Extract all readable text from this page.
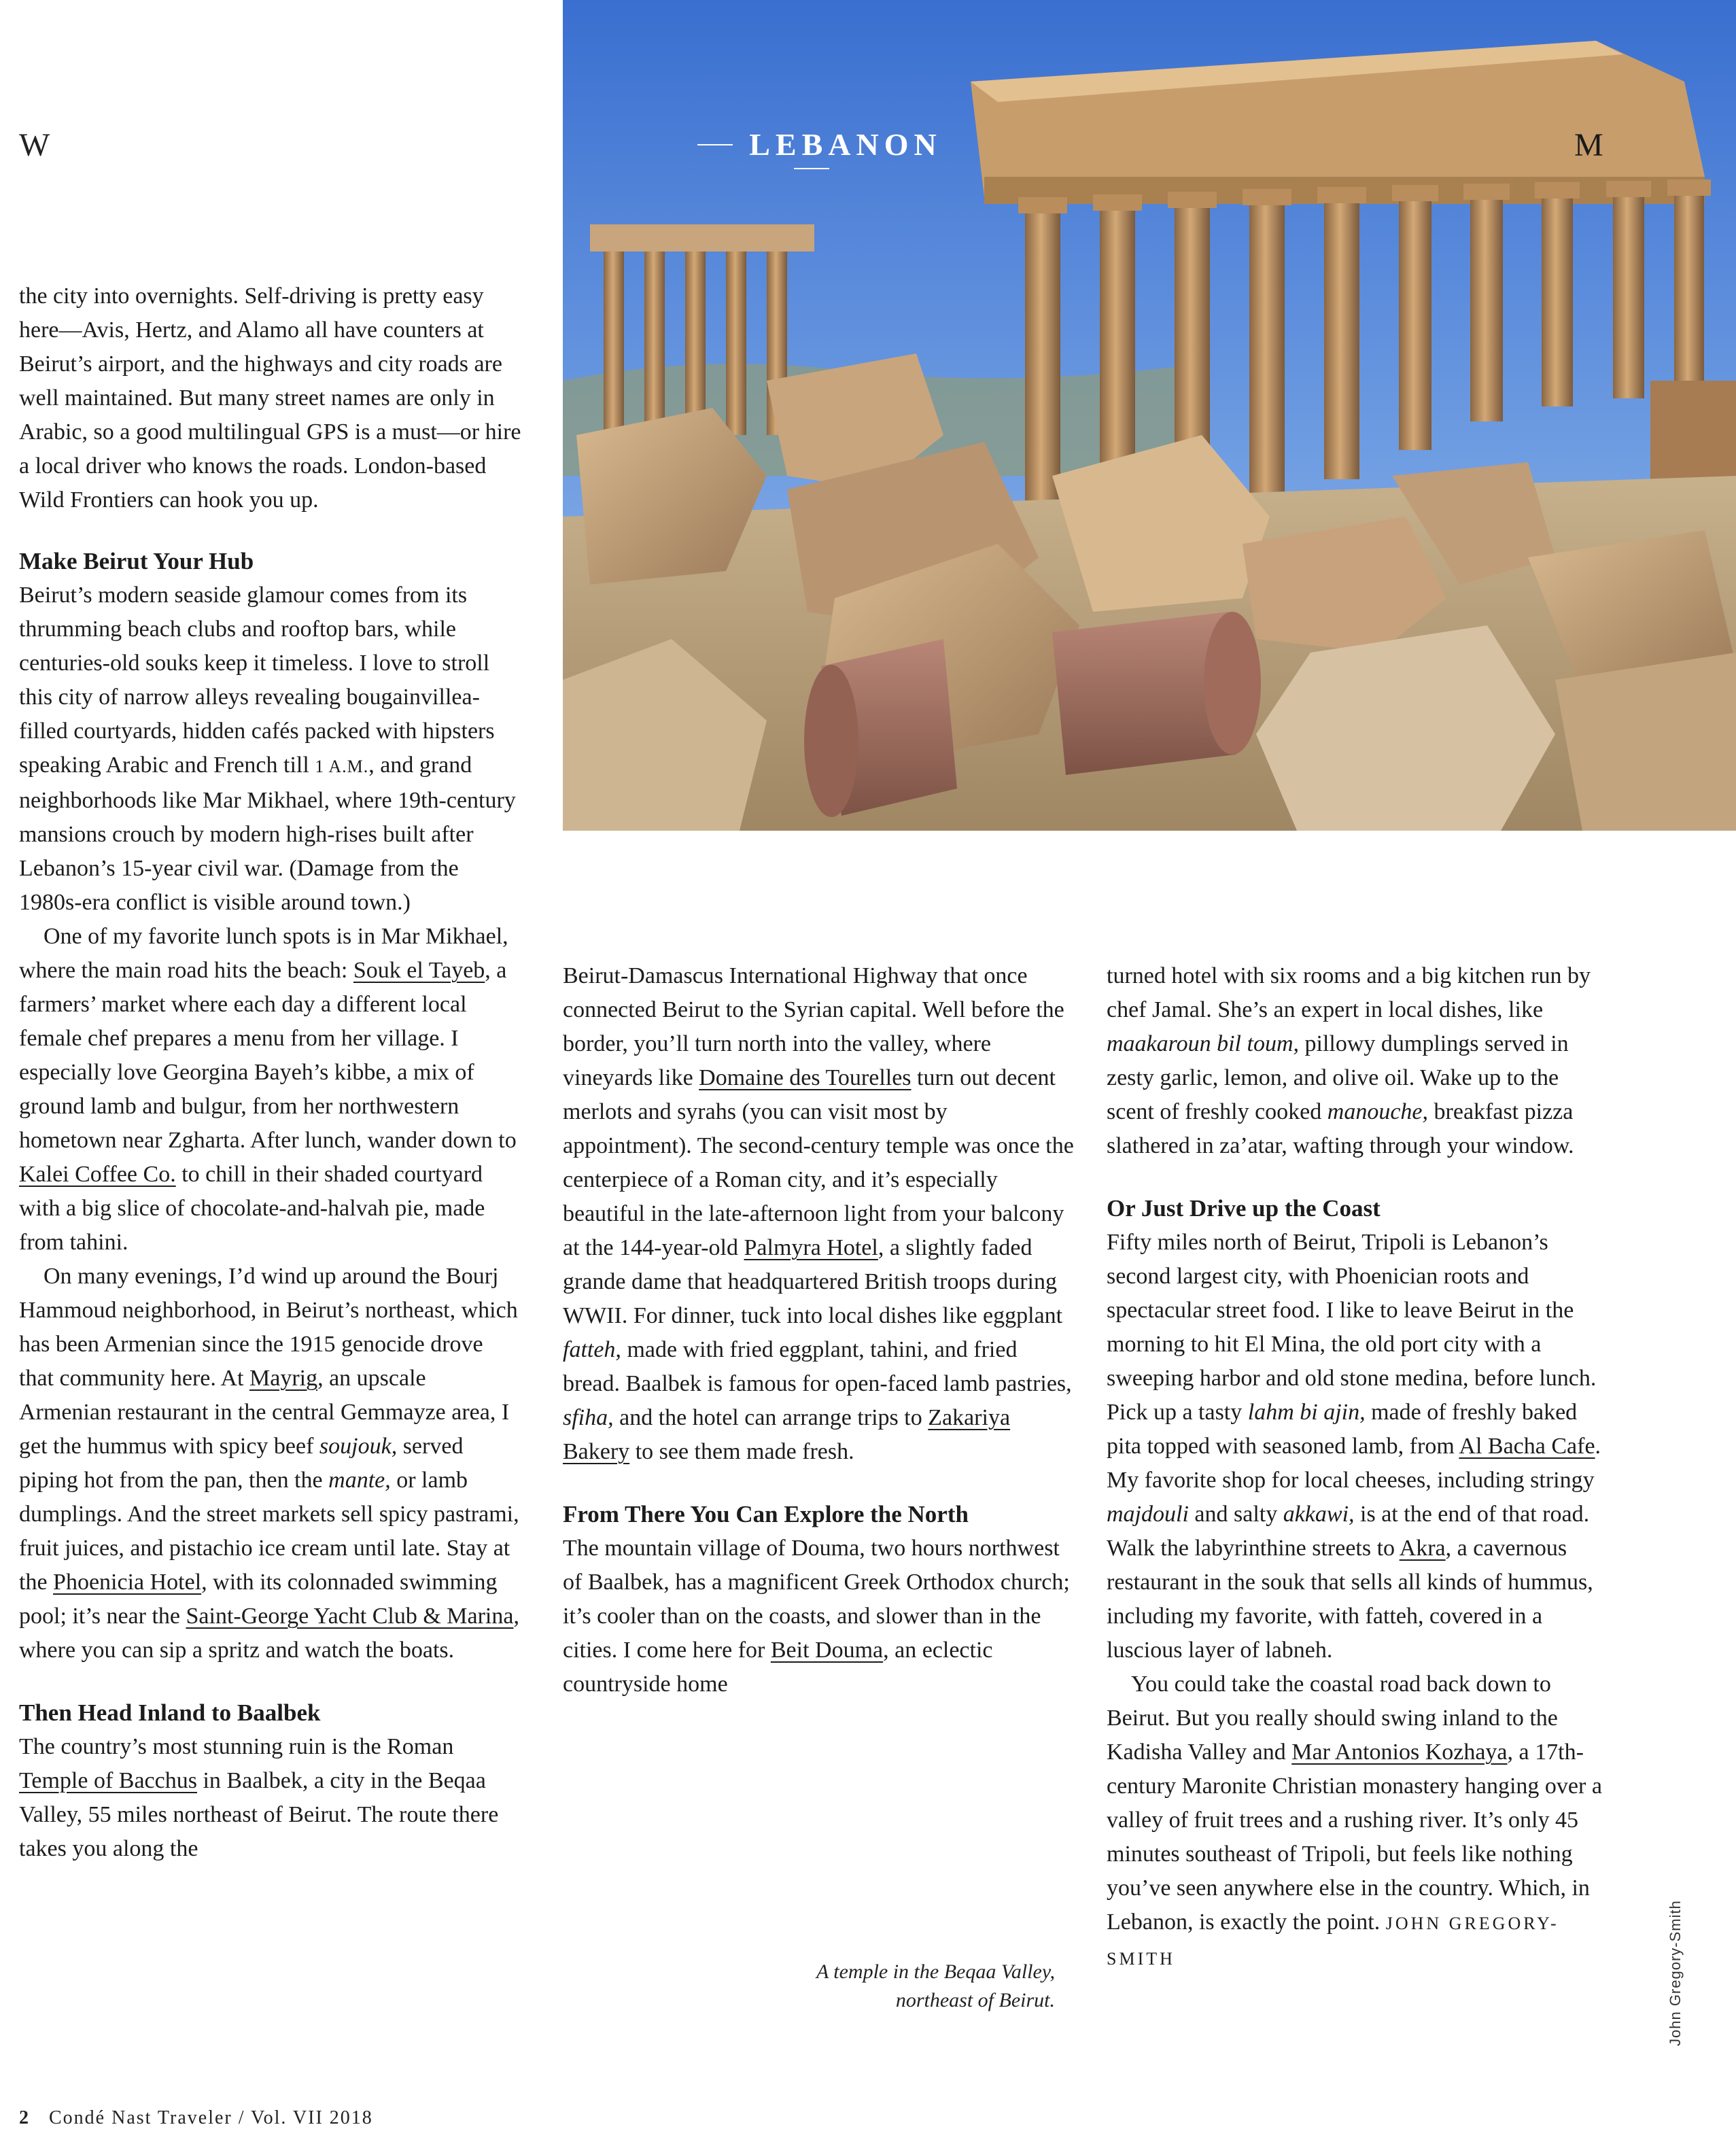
W	LEBANON	M

the city into overnights. Self-driving is pretty easy here—Avis, Hertz, and Alamo all have counters at Beirut’s airport, and the highways and city roads are well maintained. But many street names are only in Arabic, so a good multilingual GPS is a must—or hire a local driver who knows the roads. London-based Wild Frontiers can hook you up.

Make Beirut Your Hub

Beirut’s modern seaside glamour comes from its thrumming beach clubs and rooftop bars, while centuries-old souks keep it timeless. I love to stroll this city of narrow alleys revealing bougainvillea-filled courtyards, hidden cafés packed with hipsters speaking Arabic and French till 1 A.M., and grand neighborhoods like Mar Mikhael, where 19th-century mansions crouch by modern high-rises built after Lebanon’s 15-year civil war. (Damage from the 1980s-era conflict is visible around town.)

One of my favorite lunch spots is in Mar Mikhael, where the main road hits the beach: Souk el Tayeb, a farmers’ market where each day a different local female chef prepares a menu from her village. I especially love Georgina Bayeh’s kibbe, a mix of ground lamb and bulgur, from her northwestern hometown near Zgharta. After lunch, wander down to Kalei Coffee Co. to chill in their shaded courtyard with a big slice of chocolate-and-halvah pie, made from tahini.

On many evenings, I’d wind up around the Bourj Hammoud neighborhood, in Beirut’s northeast, which has been Armenian since the 1915 genocide drove that community here. At Mayrig, an upscale Armenian restaurant in the central Gemmayze area, I get the hummus with spicy beef soujouk, served piping hot from the pan, then the mante, or lamb dumplings. And the street markets sell spicy pastrami, fruit juices, and pistachio ice cream until late. Stay at the Phoenicia Hotel, with its colonnaded swimming pool; it’s near the Saint-George Yacht Club & Marina, where you can sip a spritz and watch the boats.

Then Head Inland to Baalbek

The country’s most stunning ruin is the Roman Temple of Bacchus in Baalbek, a city in the Beqaa Valley, 55 miles northeast of Beirut. The route there takes you along the

Beirut-Damascus International Highway that once connected Beirut to the Syrian capital. Well before the border, you’ll turn north into the valley, where vineyards like Domaine des Tourelles turn out decent merlots and syrahs (you can visit most by appointment). The second-century temple was once the centerpiece of a Roman city, and it’s especially beautiful in the late-afternoon light from your balcony at the 144-year-old Palmyra Hotel, a slightly faded grande dame that headquartered British troops during WWII. For dinner, tuck into local dishes like eggplant fatteh, made with fried eggplant, tahini, and fried bread. Baalbek is famous for open-faced lamb pastries, sfiha, and the hotel can arrange trips to Zakariya Bakery to see them made fresh.

From There You Can Explore the North

The mountain village of Douma, two hours northwest of Baalbek, has a magnificent Greek Orthodox church; it’s cooler than on the coasts, and slower than in the cities. I come here for Beit Douma, an eclectic countryside home

turned hotel with six rooms and a big kitchen run by chef Jamal. She’s an expert in local dishes, like maakaroun bil toum, pillowy dumplings served in zesty garlic, lemon, and olive oil. Wake up to the scent of freshly cooked manouche, breakfast pizza slathered in za’atar, wafting through your window.

Or Just Drive up the Coast

Fifty miles north of Beirut, Tripoli is Lebanon’s second largest city, with Phoenician roots and spectacular street food. I like to leave Beirut in the morning to hit El Mina, the old port city with a sweeping harbor and old stone medina, before lunch. Pick up a tasty lahm bi ajin, made of freshly baked pita topped with seasoned lamb, from Al Bacha Cafe. My favorite shop for local cheeses, including stringy majdouli and salty akkawi, is at the end of that road. Walk the labyrinthine streets to Akra, a cavernous restaurant in the souk that sells all kinds of hummus, including my favorite, with fatteh, covered in a luscious layer of labneh.

You could take the coastal road back down to Beirut. But you really should swing inland to the Kadisha Valley and Mar Antonios Kozhaya, a 17th-century Maronite Christian monastery hanging over a valley of fruit trees and a rushing river. It’s only 45 minutes southeast of Tripoli, but feels like nothing you’ve seen anywhere else in the country. Which, in Lebanon, is exactly the point. JOHN GREGORY-SMITH

A temple in the Beqaa Valley, northeast of Beirut.	John Gregory-Smith
2 Condé Nast Traveler / Vol. VII 2018
